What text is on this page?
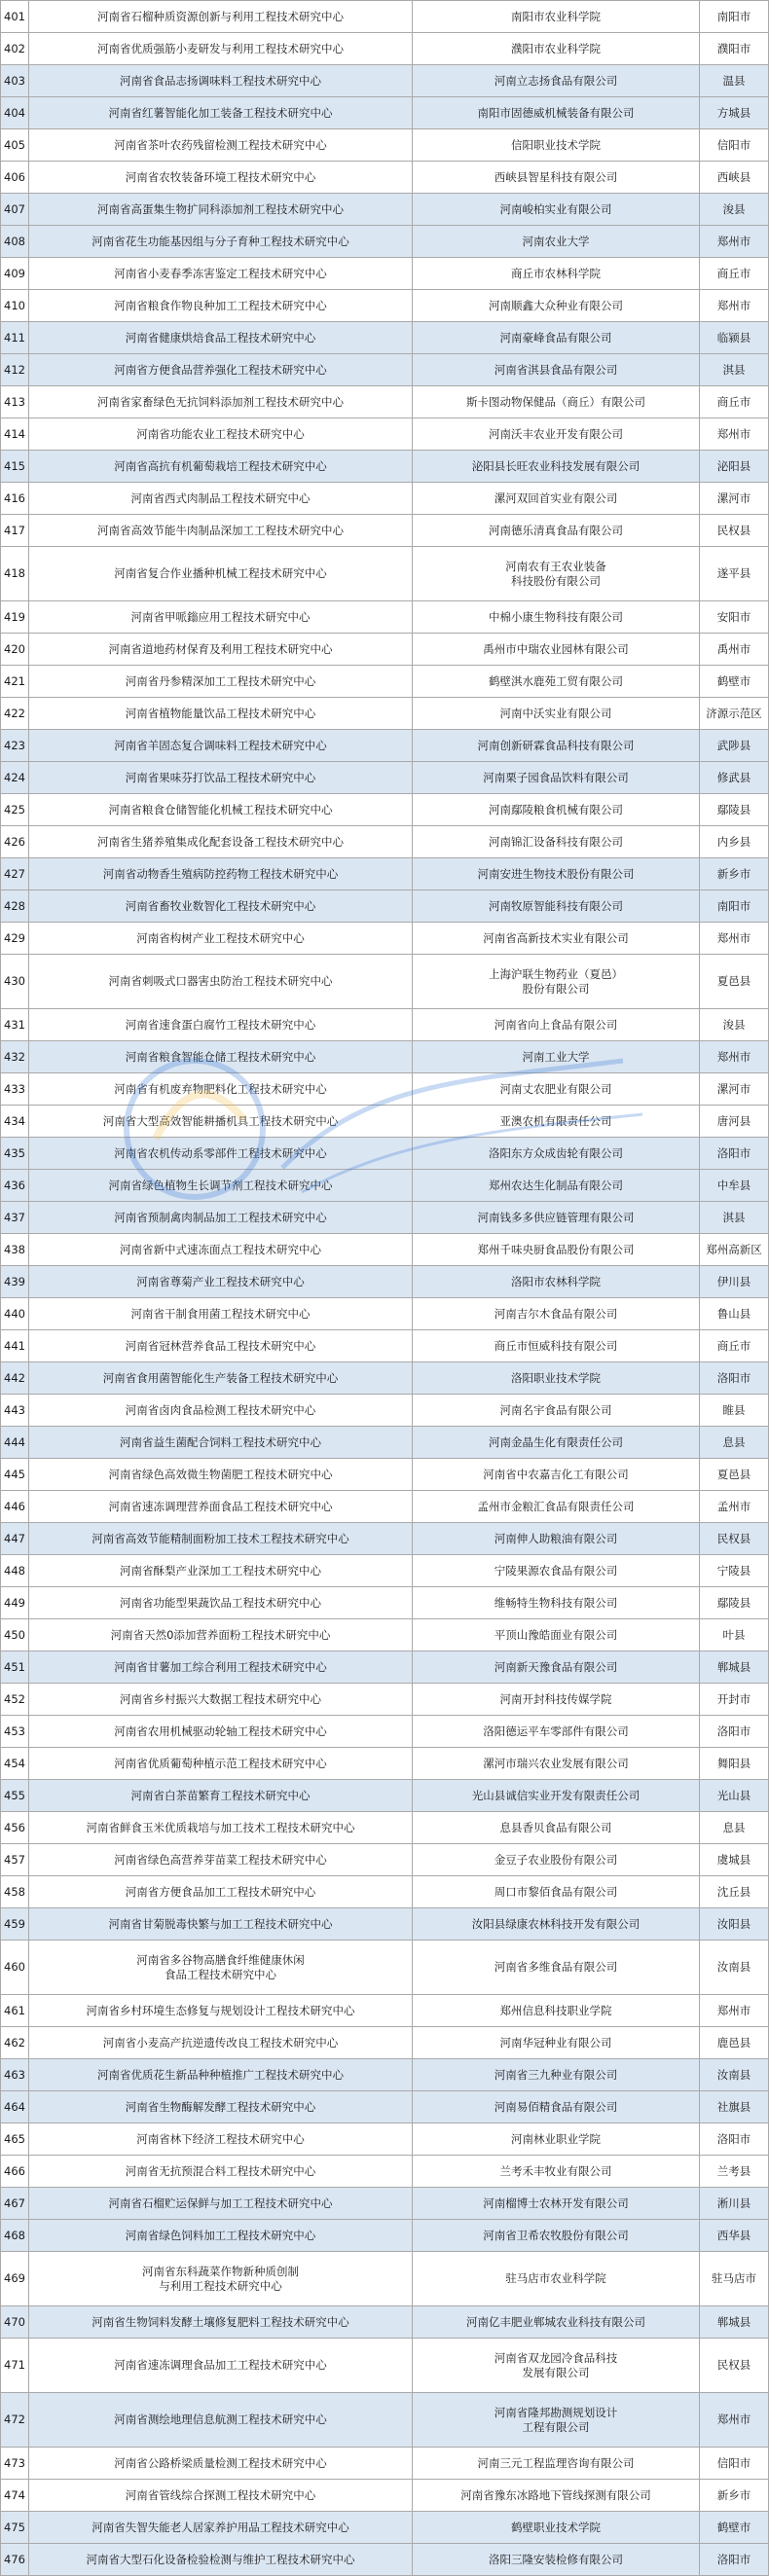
401	河南省石榴种质资源创新与利用工程技术研究中心	南阳市农业科学院	南阳市
402	河南省优质强筋小麦研发与利用工程技术研究中心	濮阳市农业科学院	濮阳市
403	河南省食品志扬调味料工程技术研究中心	河南立志扬食品有限公司	温县
404	河南省红薯智能化加工装备工程技术研究中心	南阳市固德威机械装备有限公司	方城县
405	河南省茶叶农药残留检测工程技术研究中心	信阳职业技术学院	信阳市
406	河南省农牧装备环境工程技术研究中心	西峡县智星科技有限公司	西峡县
407	河南省高蛋集生物扩同科添加剂工程技术研究中心	河南峻柏实业有限公司	浚县
408	河南省花生功能基因组与分子育种工程技术研究中心	河南农业大学	郑州市
409	河南省小麦春季冻害鉴定工程技术研究中心	商丘市农林科学院	商丘市
410	河南省粮食作物良种加工工程技术研究中心	河南顺鑫大众种业有限公司	郑州市
411	河南省健康烘焙食品工程技术研究中心	河南豪峰食品有限公司	临颍县
412	河南省方便食品营养强化工程技术研究中心	河南省淇县食品有限公司	淇县
413	河南省家畜绿色无抗饲料添加剂工程技术研究中心	斯卡图动物保健品（商丘）有限公司	商丘市
414	河南省功能农业工程技术研究中心	河南沃丰农业开发有限公司	郑州市
415	河南省高抗有机葡萄栽培工程技术研究中心	泌阳县长旺农业科技发展有限公司	泌阳县
416	河南省西式肉制品工程技术研究中心	漯河双回首实业有限公司	漯河市
417	河南省高效节能牛肉制品深加工工程技术研究中心	河南德乐清真食品有限公司	民权县
418	河南省复合作业播种机械工程技术研究中心	河南农有王农业装备
科技股份有限公司	遂平县
419	河南省甲哌鎓应用工程技术研究中心	中棉小康生物科技有限公司	安阳市
420	河南省道地药材保育及利用工程技术研究中心	禹州市中瑞农业园林有限公司	禹州市
421	河南省丹参精深加工工程技术研究中心	鹤壁淇水鹿苑工贸有限公司	鹤壁市
422	河南省植物能量饮品工程技术研究中心	河南中沃实业有限公司	济源示范区
423	河南省羊固态复合调味料工程技术研究中心	河南创新研霖食品科技有限公司	武陟县
424	河南省果味芬打饮品工程技术研究中心	河南栗子园食品饮料有限公司	修武县
425	河南省粮食仓储智能化机械工程技术研究中心	河南鄢陵粮食机械有限公司	鄢陵县
426	河南省生猪养殖集成化配套设备工程技术研究中心	河南锦汇设备科技有限公司	内乡县
427	河南省动物香生殖病防控药物工程技术研究中心	河南安进生物技术股份有限公司	新乡市
428	河南省畜牧业数智化工程技术研究中心	河南牧原智能科技有限公司	南阳市
429	河南省构树产业工程技术研究中心	河南省高新技术实业有限公司	郑州市
430	河南省刺吸式口器害虫防治工程技术研究中心	上海沪联生物药业（夏邑）
股份有限公司	夏邑县
431	河南省速食蛋白腐竹工程技术研究中心	河南省向上食品有限公司	浚县
432	河南省粮食智能仓储工程技术研究中心	河南工业大学	郑州市
433	河南省有机废弃物肥料化工程技术研究中心	河南丈农肥业有限公司	漯河市
434	河南省大型高效智能耕播机具工程技术研究中心	亚澳农机有限责任公司	唐河县
435	河南省农机传动系零部件工程技术研究中心	洛阳东方众成齿轮有限公司	洛阳市
436	河南省绿色植物生长调节剂工程技术研究中心	郑州农达生化制品有限公司	中牟县
437	河南省预制禽肉制品加工工程技术研究中心	河南钱多多供应链管理有限公司	淇县
438	河南省新中式速冻面点工程技术研究中心	郑州千味央厨食品股份有限公司	郑州高新区
439	河南省尊菊产业工程技术研究中心	洛阳市农林科学院	伊川县
440	河南省干制食用菌工程技术研究中心	河南吉尔木食品有限公司	鲁山县
441	河南省冠林营养食品工程技术研究中心	商丘市恒威科技有限公司	商丘市
442	河南省食用菌智能化生产装备工程技术研究中心	洛阳职业技术学院	洛阳市
443	河南省卤肉食品检测工程技术研究中心	河南名宇食品有限公司	睢县
444	河南省益生菌配合饲料工程技术研究中心	河南金晶生化有限责任公司	息县
445	河南省绿色高效微生物菌肥工程技术研究中心	河南省中农嘉吉化工有限公司	夏邑县
446	河南省速冻调理营养面食品工程技术研究中心	孟州市金粮汇食品有限责任公司	孟州市
447	河南省高效节能精制面粉加工技术工程技术研究中心	河南伸人助粮油有限公司	民权县
448	河南省酥梨产业深加工工程技术研究中心	宁陵果源农食品有限公司	宁陵县
449	河南省功能型果蔬饮品工程技术研究中心	维畅特生物科技有限公司	鄢陵县
450	河南省天然0添加营养面粉工程技术研究中心	平顶山豫皓面业有限公司	叶县
451	河南省甘薯加工综合利用工程技术研究中心	河南新天豫食品有限公司	郸城县
452	河南省乡村振兴大数据工程技术研究中心	河南开封科技传媒学院	开封市
453	河南省农用机械驱动轮轴工程技术研究中心	洛阳德运平车零部件有限公司	洛阳市
454	河南省优质葡萄种植示范工程技术研究中心	漯河市瑞兴农业发展有限公司	舞阳县
455	河南省白茶苗繁育工程技术研究中心	光山县诚信实业开发有限责任公司	光山县
456	河南省鲜食玉米优质栽培与加工技术工程技术研究中心	息县香贝食品有限公司	息县
457	河南省绿色高营养芽苗菜工程技术研究中心	金豆子农业股份有限公司	虞城县
458	河南省方便食品加工工程技术研究中心	周口市黎佰食品有限公司	沈丘县
459	河南省甘菊脱毒快繁与加工工程技术研究中心	汝阳县绿康农林科技开发有限公司	汝阳县
460	河南省多谷物高膳食纤维健康休闲
食品工程技术研究中心	河南省多维食品有限公司	汝南县
461	河南省乡村环境生态修复与规划设计工程技术研究中心	郑州信息科技职业学院	郑州市
462	河南省小麦高产抗逆遗传改良工程技术研究中心	河南华冠种业有限公司	鹿邑县
463	河南省优质花生新品种种植推广工程技术研究中心	河南省三九种业有限公司	汝南县
464	河南省生物酶解发酵工程技术研究中心	河南易佰精食品有限公司	社旗县
465	河南省林下经济工程技术研究中心	河南林业职业学院	洛阳市
466	河南省无抗预混合料工程技术研究中心	兰考禾丰牧业有限公司	兰考县
467	河南省石榴贮运保鲜与加工工程技术研究中心	河南榴博士农林开发有限公司	淅川县
468	河南省绿色饲料加工工程技术研究中心	河南省卫希农牧股份有限公司	西华县
469	河南省东科蔬菜作物新种质创制
与利用工程技术研究中心	驻马店市农业科学院	驻马店市
470	河南省生物饲料发酵土壤修复肥料工程技术研究中心	河南亿丰肥业郸城农业科技有限公司	郸城县
471	河南省速冻调理食品加工工程技术研究中心	河南省双龙园冷食品科技
发展有限公司	民权县
472	河南省测绘地理信息航测工程技术研究中心	河南省隆邦勘测规划设计
工程有限公司	郑州市
473	河南省公路桥梁质量检测工程技术研究中心	河南三元工程监理咨询有限公司	信阳市
474	河南省管线综合探测工程技术研究中心	河南省豫东冰路地下管线探测有限公司	新乡市
475	河南省失智失能老人居家养护用品工程技术研究中心	鹤壁职业技术学院	鹤壁市
476	河南省大型石化设备检验检测与维护工程技术研究中心	洛阳三隆安装检修有限公司	洛阳市
